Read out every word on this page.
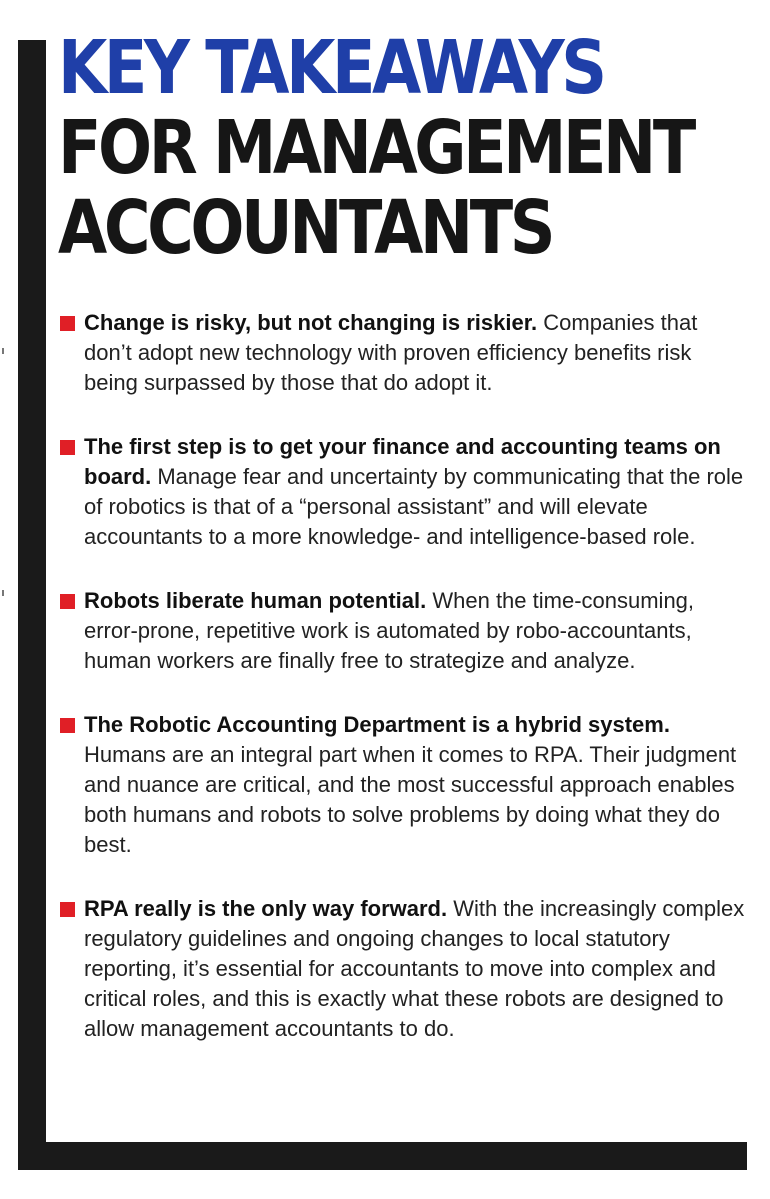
KEY TAKEAWAYS
FOR MANAGEMENT
ACCOUNTANTS
Change is risky, but not changing is riskier. Companies that don’t adopt new technology with proven efficiency benefits risk being surpassed by those that do adopt it.
The first step is to get your finance and accounting teams on board. Manage fear and uncertainty by communicating that the role of robotics is that of a “personal assistant” and will elevate accountants to a more knowledge- and intelligence-based role.
Robots liberate human potential. When the time-consuming, error-prone, repetitive work is automated by robo-accountants, human workers are finally free to strategize and analyze.
The Robotic Accounting Department is a hybrid system. Humans are an integral part when it comes to RPA. Their judgment and nuance are critical, and the most successful approach enables both humans and robots to solve problems by doing what they do best.
RPA really is the only way forward. With the increasingly complex regulatory guidelines and ongoing changes to local statutory reporting, it’s essential for accountants to move into complex and critical roles, and this is exactly what these robots are designed to allow management accountants to do.
